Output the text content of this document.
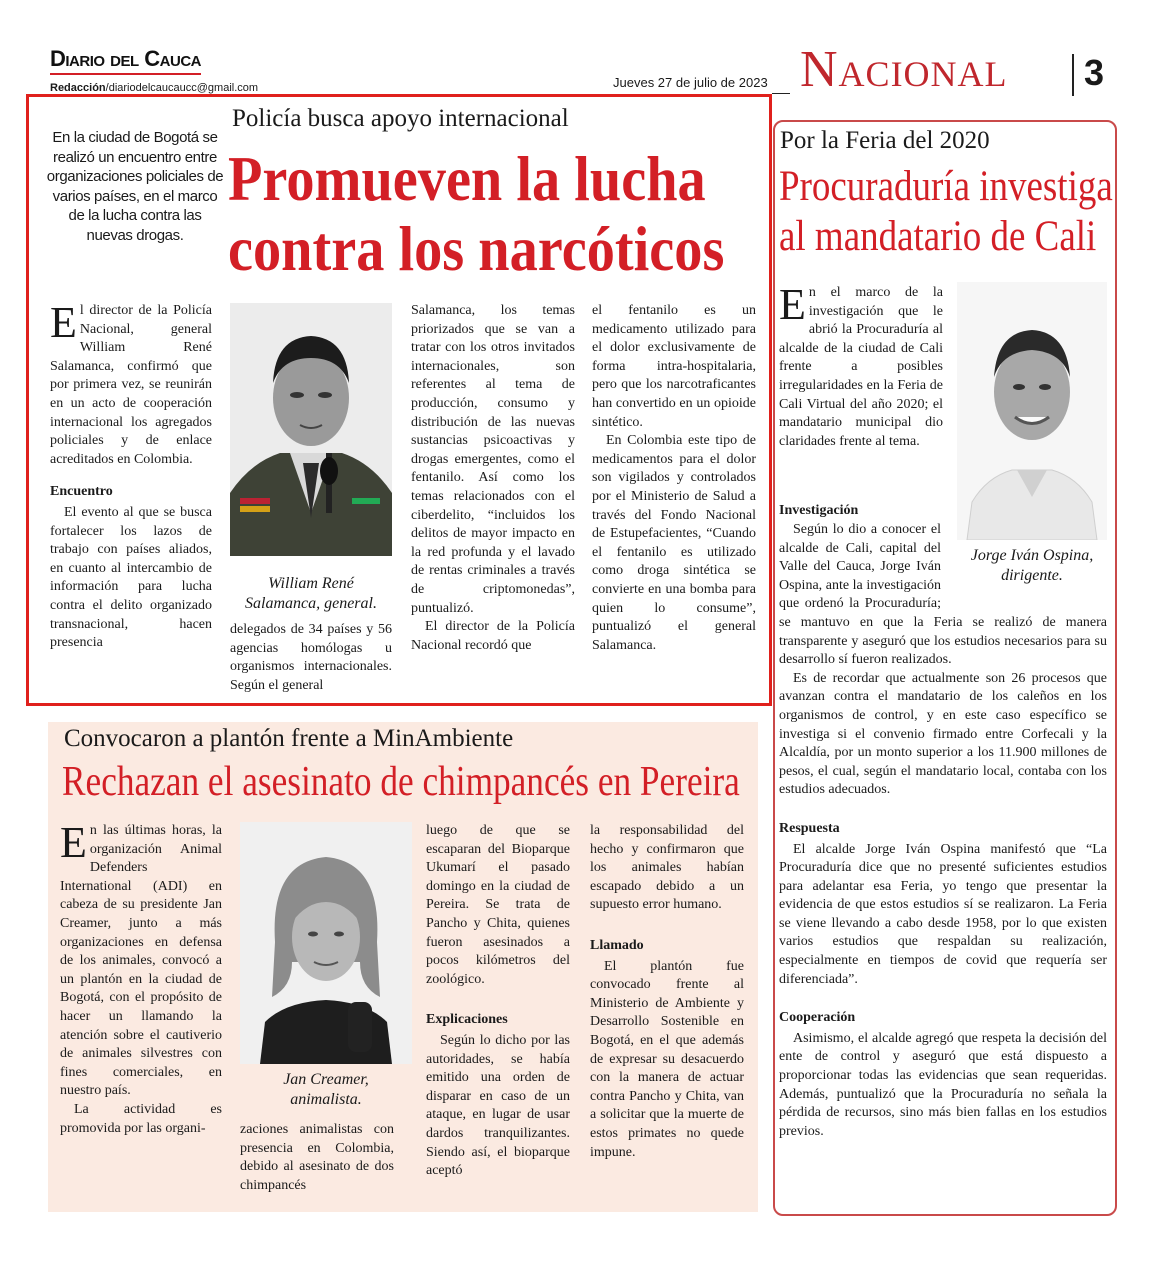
Diario del Cauca
Redacción/diariodelcaucaucc@gmail.com	Jueves 27 de julio de 2023 Nacional 3
Policía busca apoyo internacional
En la ciudad de Bogotá se realizó un encuentro entre organizaciones policiales de varios países, en el marco de la lucha contra las nuevas drogas.
Promueven la lucha
contra los narcóticos

El director de la Policía Nacional, general William René Salamanca, confirmó que por primera vez, se reunirán en un acto de cooperación internacional los agregados policiales y de enlace acreditados en Colombia.

Encuentro

El evento al que se busca fortalecer los lazos de trabajo con países aliados, en cuanto al intercambio de información para lucha contra el delito organizado transnacional, hacen presencia

William René
Salamanca, general.

delegados de 34 países y 56 agencias homólogas u organismos internacionales. Según el general

Salamanca, los temas priorizados que se van a tratar con los otros invitados internacionales, son referentes al tema de producción, consumo y distribución de las nuevas sustancias psicoactivas y drogas emergentes, como el fentanilo. Así como los temas relacionados con el ciberdelito, “incluidos los delitos de mayor impacto en la red profunda y el lavado de rentas criminales a través de criptomonedas”, puntualizó.

El director de la Policía Nacional recordó que

el fentanilo es un medicamento utilizado para el dolor exclusivamente de forma intra-hospitalaria, pero que los narcotraficantes han convertido en un opioide sintético.

En Colombia este tipo de medicamentos para el dolor son vigilados y controlados por el Ministerio de Salud a través del Fondo Nacional de Estupefacientes, “Cuando el fentanilo es utilizado como droga sintética se convierte en una bomba para quien lo consume”, puntualizó el general Salamanca.

Por la Feria del 2020
Procuraduría investiga
al mandatario de Cali
Jorge Iván Ospina,
dirigente.

En el marco de la investigación que le abrió la Procuraduría al alcalde de la ciudad de Cali frente a posibles irregularidades en la Feria de Cali Virtual del año 2020; el mandatario municipal dio claridades frente al tema.

Investigación

Según lo dio a conocer el alcalde de Cali, capital del Valle del Cauca, Jorge Iván Ospina, ante la investigación que ordenó la Procuraduría; se mantuvo en que la Feria se realizó de manera transparente y aseguró que los estudios necesarios para su desarrollo sí fueron realizados.

Es de recordar que actualmente son 26 procesos que avanzan contra el mandatario de los caleños en los organismos de control, y en este caso específico se investiga si el convenio firmado entre Corfecali y la Alcaldía, por un monto superior a los 11.900 millones de pesos, el cual, según el mandatario local, contaba con los estudios adecuados.

Respuesta

El alcalde Jorge Iván Ospina manifestó que “La Procuraduría dice que no presenté suficientes estudios para adelantar esa Feria, yo tengo que presentar la evidencia de que estos estudios sí se realizaron. La Feria se viene llevando a cabo desde 1958, por lo que existen varios estudios que respaldan su realización, especialmente en tiempos de covid que requería ser diferenciada”.

Cooperación

Asimismo, el alcalde agregó que respeta la decisión del ente de control y aseguró que está dispuesto a proporcionar todas las evidencias que sean requeridas. Además, puntualizó que la Procuraduría no señala la pérdida de recursos, sino más bien fallas en los estudios previos.

Convocaron a plantón frente a MinAmbiente
Rechazan el asesinato de chimpancés en Pereira

En las últimas horas, la organización Animal Defenders International (ADI) en cabeza de su presidente Jan Creamer, junto a más organizaciones en defensa de los animales, convocó a un plantón en la ciudad de Bogotá, con el propósito de hacer un llamando la atención sobre el cautiverio de animales silvestres con fines comerciales, en nuestro país.

La actividad es promovida por las organi-

Jan Creamer,
animalista.

zaciones animalistas con presencia en Colombia, debido al asesinato de dos chimpancés

luego de que se escaparan del Bioparque Ukumarí el pasado domingo en la ciudad de Pereira. Se trata de Pancho y Chita, quienes fueron asesinados a pocos kilómetros del zoológico.

Explicaciones

Según lo dicho por las autoridades, se había emitido una orden de disparar en caso de un ataque, en lugar de usar dardos tranquilizantes. Siendo así, el bioparque aceptó

la responsabilidad del hecho y confirmaron que los animales habían escapado debido a un supuesto error humano.

Llamado

El plantón fue convocado frente al Ministerio de Ambiente y Desarrollo Sostenible en Bogotá, en el que además de expresar su desacuerdo con la manera de actuar contra Pancho y Chita, van a solicitar que la muerte de estos primates no quede impune.
